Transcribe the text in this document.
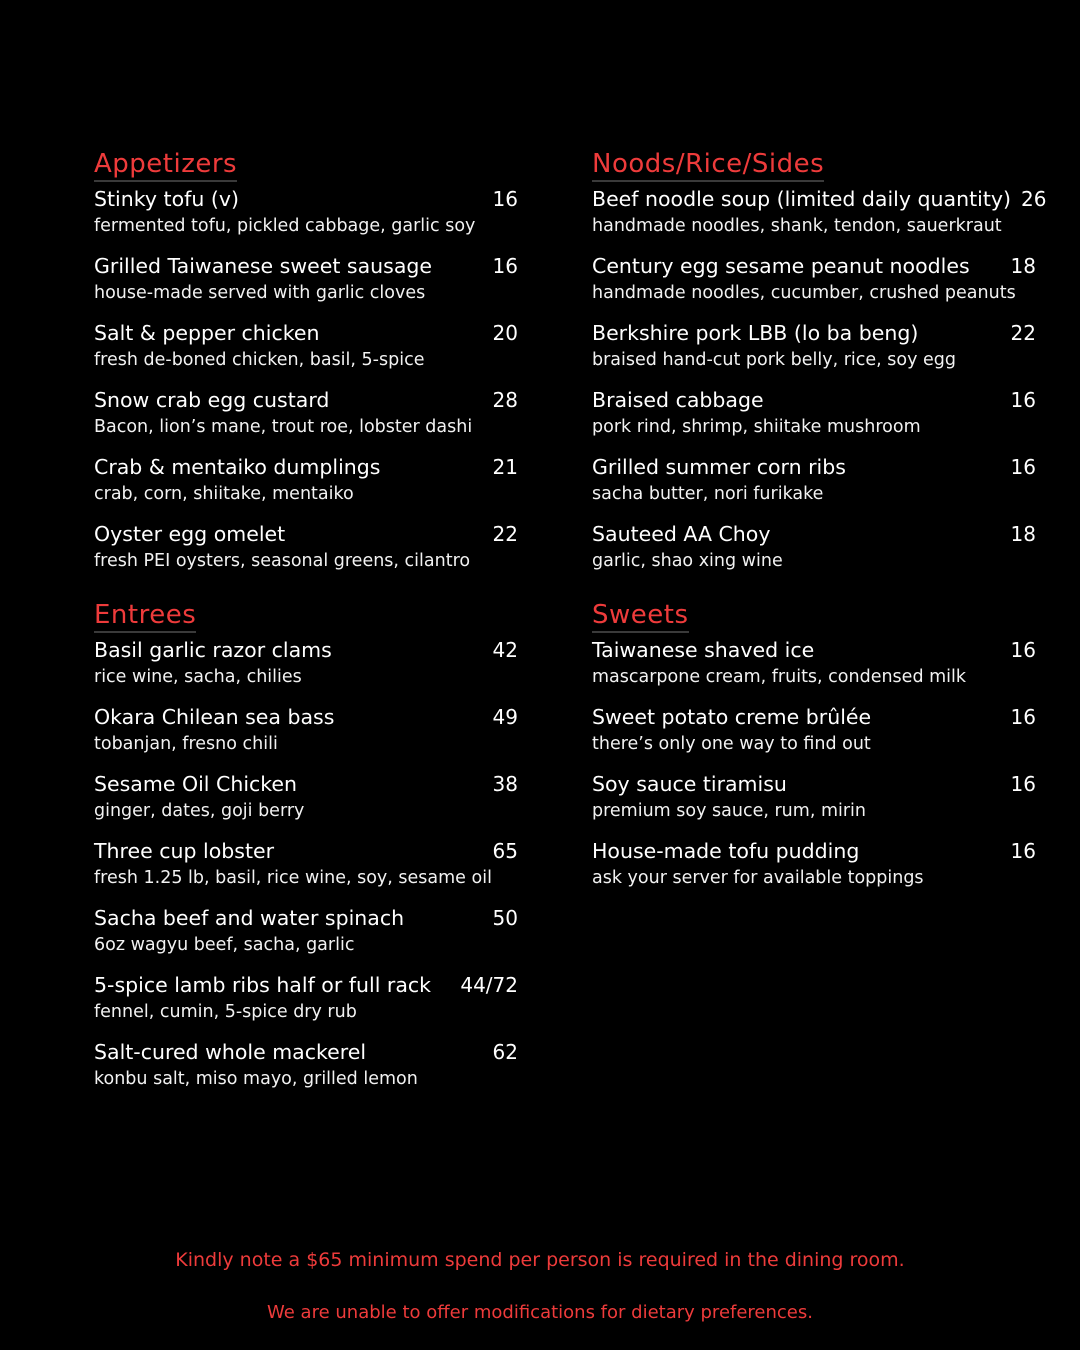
Appetizers
Stinky tofu (v)	16
fermented tofu, pickled cabbage, garlic soy
Grilled Taiwanese sweet sausage	16
house-made served with garlic cloves
Salt & pepper chicken	20
fresh de-boned chicken, basil, 5-spice
Snow crab egg custard	28
Bacon, lion’s mane, trout roe, lobster dashi
Crab & mentaiko dumplings	21
crab, corn, shiitake, mentaiko
Oyster egg omelet	22
fresh PEI oysters, seasonal greens, cilantro
Entrees
Basil garlic razor clams	42
rice wine, sacha, chilies
Okara Chilean sea bass	49
tobanjan, fresno chili
Sesame Oil Chicken	38
ginger, dates, goji berry
Three cup lobster	65
fresh 1.25 lb, basil, rice wine, soy, sesame oil
Sacha beef and water spinach	50
6oz wagyu beef, sacha, garlic
5-spice lamb ribs half or full rack	44/72
fennel, cumin, 5-spice dry rub
Salt-cured whole mackerel	62
konbu salt, miso mayo, grilled lemon
Noods/Rice/Sides
Beef noodle soup (limited daily quantity) 26
handmade noodles, shank, tendon, sauerkraut
Century egg sesame peanut noodles	18
handmade noodles, cucumber, crushed peanuts
Berkshire pork LBB (lo ba beng)	22
braised hand-cut pork belly, rice, soy egg
Braised cabbage	16
pork rind, shrimp, shiitake mushroom
Grilled summer corn ribs	16
sacha butter, nori furikake
Sauteed AA Choy	18
garlic, shao xing wine
Sweets
Taiwanese shaved ice	16
mascarpone cream, fruits, condensed milk
Sweet potato creme brûlée	16
there’s only one way to find out
Soy sauce tiramisu	16
premium soy sauce, rum, mirin
House-made tofu pudding	16
ask your server for available toppings
Kindly note a $65 minimum spend per person is required in the dining room.
We are unable to offer modifications for dietary preferences.
